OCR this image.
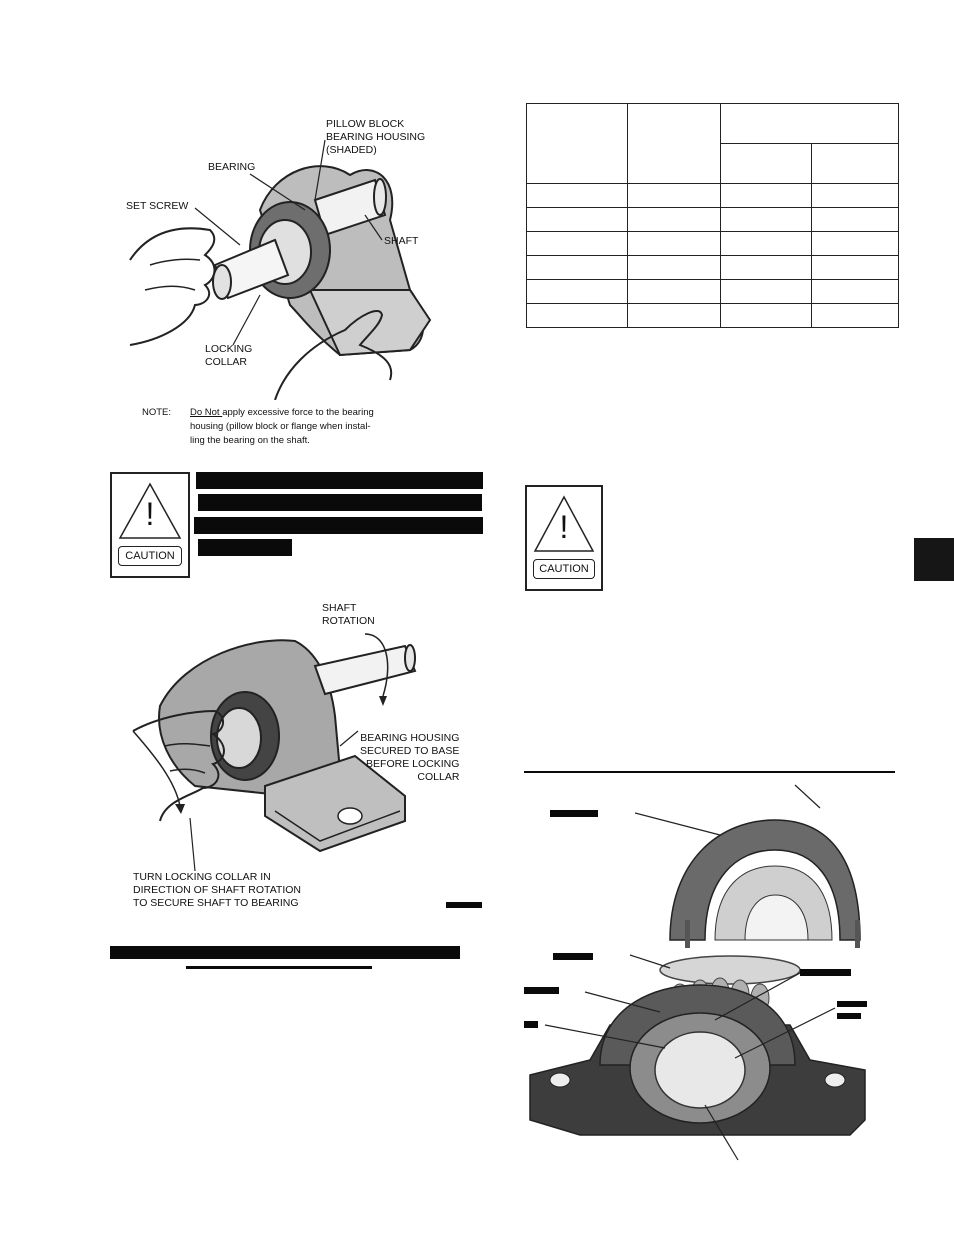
PILLOW BLOCK
BEARING HOUSING
(SHADED)
BEARING
SET SCREW
SHAFT
LOCKING
COLLAR
NOTE: Do Not apply excessive force to the bearing
housing (pillow block or flange when instal-
ling the bearing on the shaft.
!
CAUTION
SHAFT
ROTATION
BEARING HOUSING
SECURED TO BASE
BEFORE LOCKING
COLLAR
TURN LOCKING COLLAR IN
DIRECTION OF SHAFT ROTATION
TO SECURE SHAFT TO BEARING

!
CAUTION
